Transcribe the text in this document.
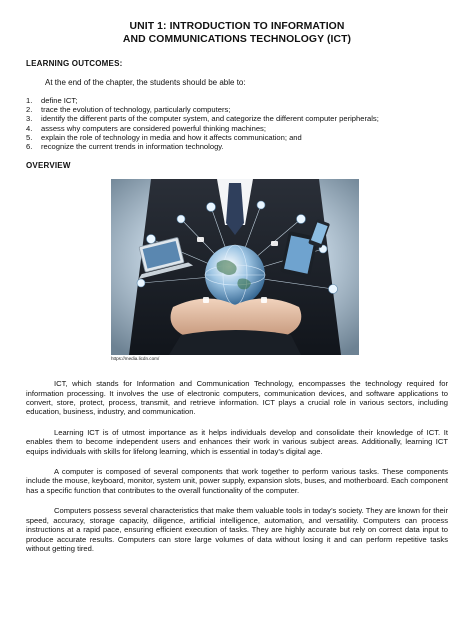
UNIT 1: INTRODUCTION TO INFORMATION
AND COMMUNICATIONS TECHNOLOGY (ICT)
LEARNING OUTCOMES:
At the end of the chapter, the students should be able to:
1.	define ICT;
2.	trace the evolution of technology, particularly computers;
3.	identify the different parts of the computer system, and categorize the different computer peripherals;
4.	assess why computers are considered powerful thinking machines;
5.	explain the role of technology in media and how it affects communication; and
6.	recognize the current trends in information technology.
OVERVIEW
https://media.licdn.com/

ICT, which stands for Information and Communication Technology, encompasses the technology required for information processing. It involves the use of electronic computers, communication devices, and software applications to convert, store, protect, process, transmit, and retrieve information. ICT plays a crucial role in various sectors, including education, business, industry, and communication.

Learning ICT is of utmost importance as it helps individuals develop and consolidate their knowledge of ICT. It enables them to become independent users and enhances their work in various subject areas. Additionally, learning ICT equips individuals with skills for lifelong learning, which is essential in today’s digital age.

A computer is composed of several components that work together to perform various tasks. These components include the mouse, keyboard, monitor, system unit, power supply, expansion slots, buses, and motherboard. Each component has a specific function that contributes to the overall functionality of the computer.

Computers possess several characteristics that make them valuable tools in today’s society. They are known for their speed, accuracy, storage capacity, diligence, artificial intelligence, automation, and versatility. Computers can process instructions at a rapid pace, ensuring efficient execution of tasks. They are highly accurate but rely on correct data input to produce accurate results. Computers can store large volumes of data without losing it and can perform repetitive tasks without getting tired.
